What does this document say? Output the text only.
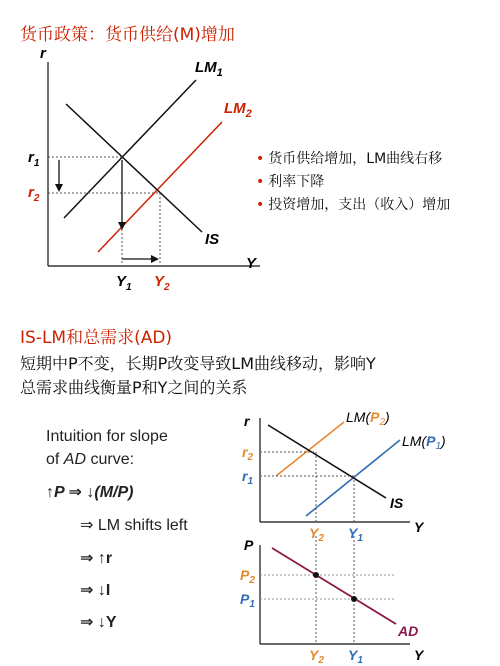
货币政策：货币供给(M)增加
r
Y
$LM_1$
$LM_2$
IS
$r_1$
$r_2$
$Y_1$ $Y_2$
• 货币供给增加，LM曲线右移
• 利率下降
• 投资增加，支出（收入）增加
IS-LM和总需求(AD)
短期中P不变，长期P改变导致LM曲线移动，影响Y
总需求曲线衡量P和Y之间的关系
Intuition for slope
of AD curve:
↑P ⇒ ↓(M/P)
⇒ LM shifts left
⇒ ↑r
⇒ ↓I
⇒ ↓Y
r
Y
$LM(P_2)$
$LM(P_1)$
IS
$r_2$
$r_1$
$Y_2$ $Y_1$
P
Y
AD
$P_2$
$P_1$
$Y_2$ $Y_1$
